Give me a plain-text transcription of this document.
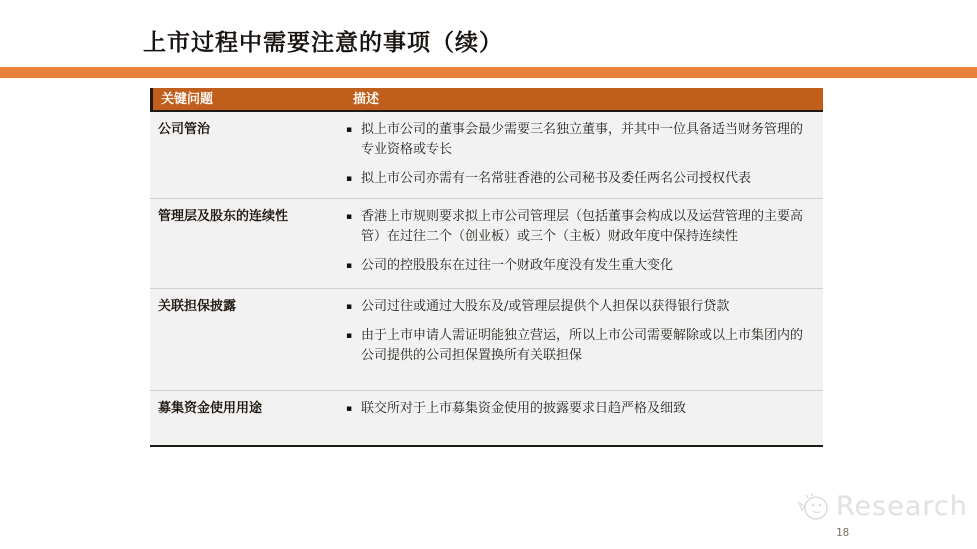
上市过程中需要注意的事项（续）
关键问题	描述
公司管治	▪ 拟上市公司的董事会最少需要三名独立董事，并其中一位具备适当财务管理的专业资格或专长
▪ 拟上市公司亦需有一名常驻香港的公司秘书及委任两名公司授权代表
管理层及股东的连续性	▪ 香港上市规则要求拟上市公司管理层（包括董事会构成以及运营管理的主要高管）在过往二个（创业板）或三个（主板）财政年度中保持连续性
▪ 公司的控股股东在过往一个财政年度没有发生重大变化
关联担保披露	▪ 公司过往或通过大股东及/或管理层提供个人担保以获得银行贷款
▪ 由于上市申请人需证明能独立营运，所以上市公司需要解除或以上市集团内的公司提供的公司担保置换所有关联担保
募集资金使用用途	▪ 联交所对于上市募集资金使用的披露要求日趋严格及细致
Research
18
